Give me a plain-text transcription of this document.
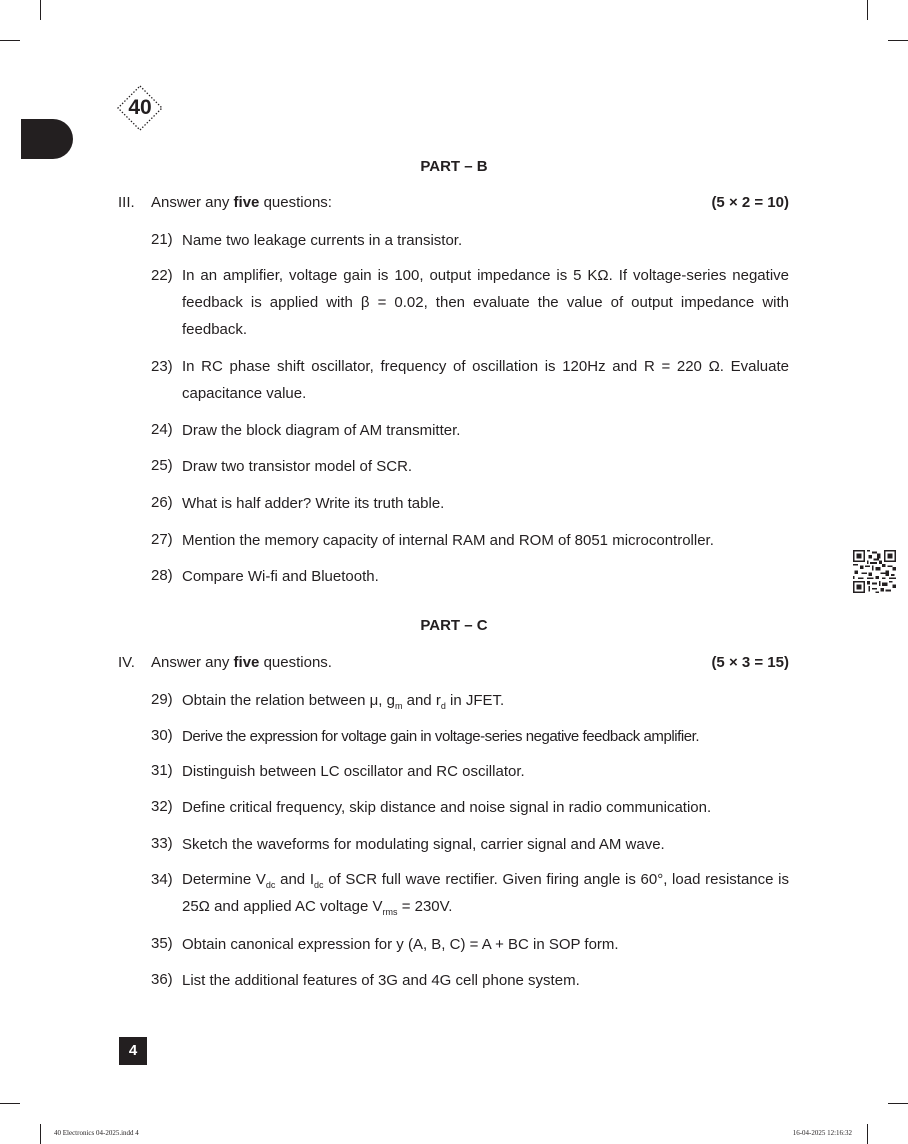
40
PART – B
III. Answer any five questions:	(5 × 2 = 10)
21) Name two leakage currents in a transistor.
22) In an amplifier, voltage gain is 100, output impedance is 5 KΩ. If voltage-series negative feedback is applied with β = 0.02, then evaluate the value of output impedance with feedback.
23) In RC phase shift oscillator, frequency of oscillation is 120Hz and R = 220 Ω. Evaluate capacitance value.
24) Draw the block diagram of AM transmitter.
25) Draw two transistor model of SCR.
26) What is half adder? Write its truth table.
27) Mention the memory capacity of internal RAM and ROM of 8051 microcontroller.
28) Compare Wi-fi and Bluetooth.
PART – C
IV. Answer any five questions.	(5 × 3 = 15)
29) Obtain the relation between μ, $g_m$ and $r_d$ in JFET.
30) Derive the expression for voltage gain in voltage-series negative feedback amplifier.
31) Distinguish between LC oscillator and RC oscillator.
32) Define critical frequency, skip distance and noise signal in radio communication.
33) Sketch the waveforms for modulating signal, carrier signal and AM wave.
34) Determine $V_{dc}$ and $I_{dc}$ of SCR full wave rectifier. Given firing angle is 60°, load resistance is 25Ω and applied AC voltage $V_{rms} = 230V$.
35) Obtain canonical expression for y (A, B, C) = A + BC in SOP form.
36) List the additional features of 3G and 4G cell phone system.
4
40 Electronics 04-2025.indd 4	16-04-2025 12:16:32
